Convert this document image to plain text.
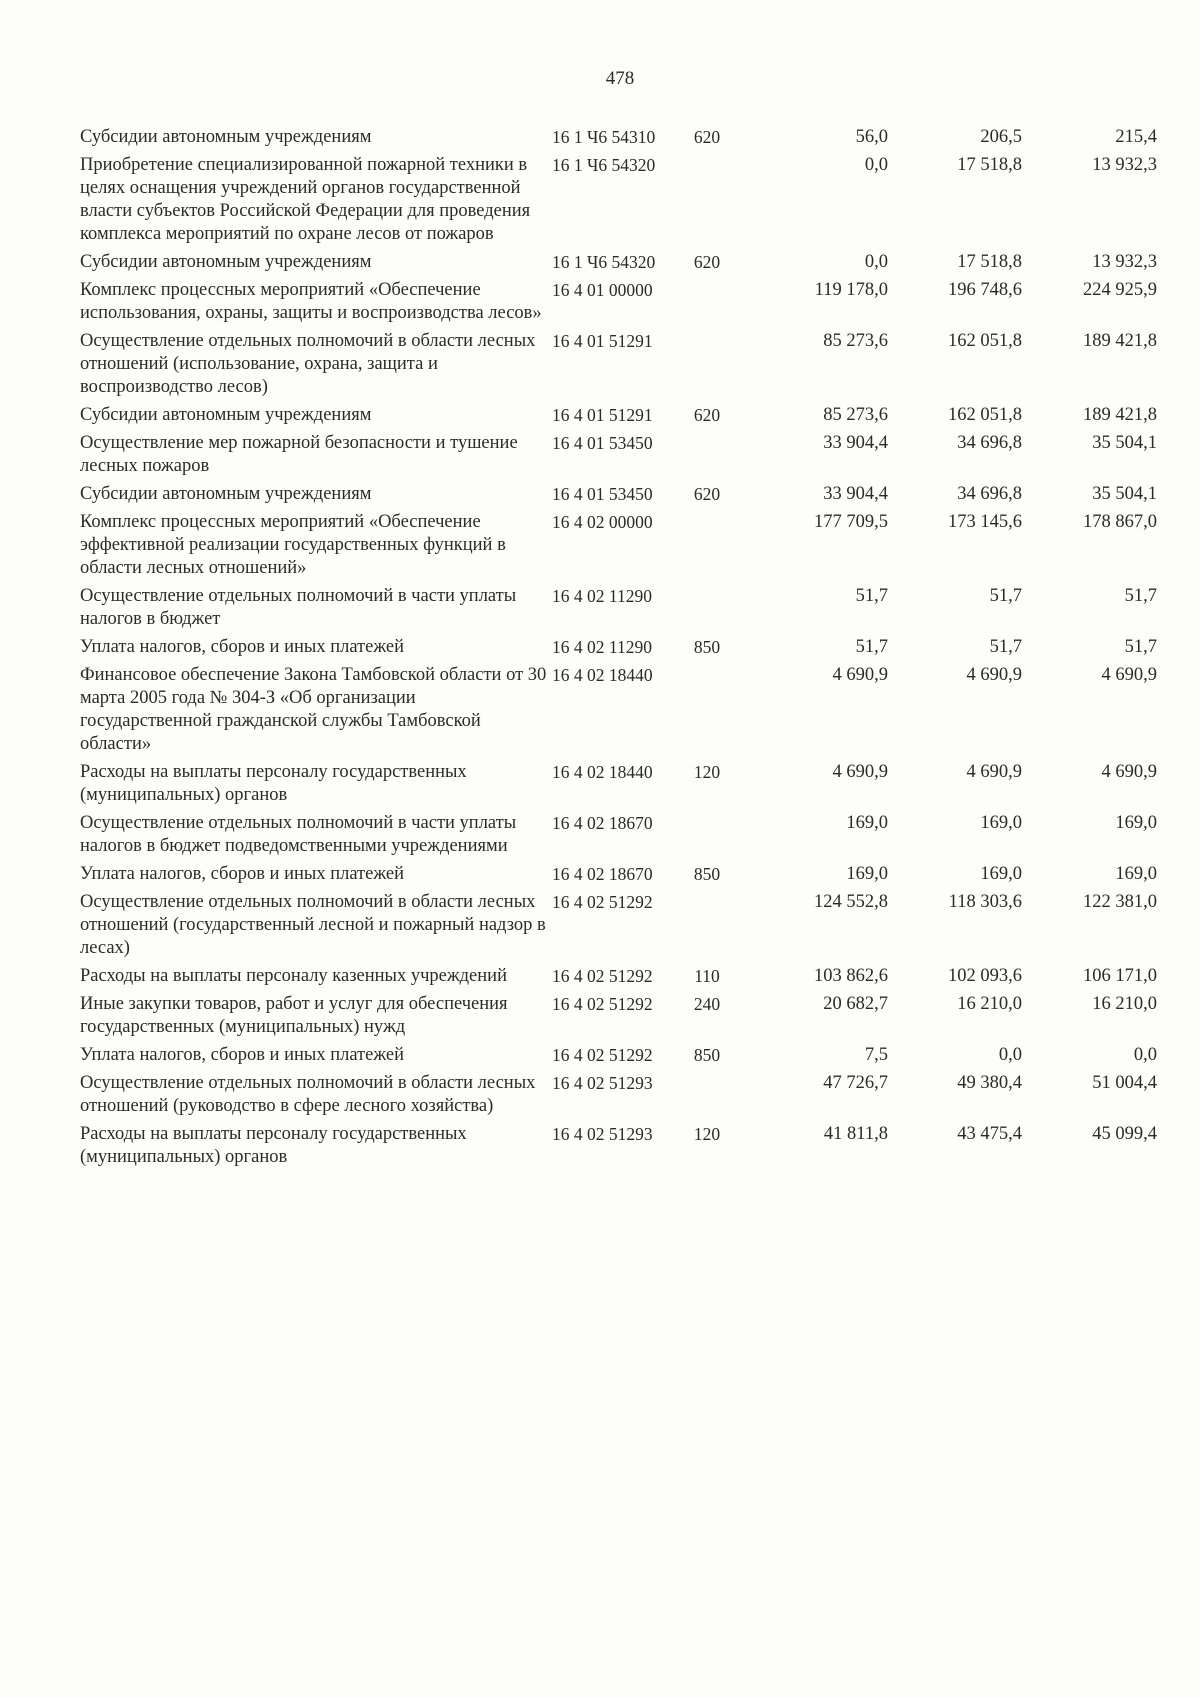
478
Субсидии автономным учреждениям	16 1 Ч6 54310	620	56,0	206,5	215,4
Приобретение специализированной пожарной техники в целях оснащения учреждений органов государственной власти субъектов Российской Федерации для проведения комплекса мероприятий по охране лесов от пожаров	16 1 Ч6 54320		0,0	17 518,8	13 932,3
Субсидии автономным учреждениям	16 1 Ч6 54320	620	0,0	17 518,8	13 932,3
Комплекс процессных мероприятий «Обеспечение использования, охраны, защиты и воспроизводства лесов»	16 4 01 00000		119 178,0	196 748,6	224 925,9
Осуществление отдельных полномочий в области лесных отношений (использование, охрана, защита и воспроизводство лесов)	16 4 01 51291		85 273,6	162 051,8	189 421,8
Субсидии автономным учреждениям	16 4 01 51291	620	85 273,6	162 051,8	189 421,8
Осуществление мер пожарной безопасности и тушение лесных пожаров	16 4 01 53450		33 904,4	34 696,8	35 504,1
Субсидии автономным учреждениям	16 4 01 53450	620	33 904,4	34 696,8	35 504,1
Комплекс процессных мероприятий «Обеспечение эффективной реализации государственных функций в области лесных отношений»	16 4 02 00000		177 709,5	173 145,6	178 867,0
Осуществление отдельных полномочий в части уплаты налогов в бюджет	16 4 02 11290		51,7	51,7	51,7
Уплата налогов, сборов и иных платежей	16 4 02 11290	850	51,7	51,7	51,7
Финансовое обеспечение Закона Тамбовской области от 30 марта 2005 года № 304-З «Об организации государственной гражданской службы Тамбовской области»	16 4 02 18440		4 690,9	4 690,9	4 690,9
Расходы на выплаты персоналу государственных (муниципальных) органов	16 4 02 18440	120	4 690,9	4 690,9	4 690,9
Осуществление отдельных полномочий в части уплаты налогов в бюджет подведомственными учреждениями	16 4 02 18670		169,0	169,0	169,0
Уплата налогов, сборов и иных платежей	16 4 02 18670	850	169,0	169,0	169,0
Осуществление отдельных полномочий в области лесных отношений (государственный лесной и пожарный надзор в лесах)	16 4 02 51292		124 552,8	118 303,6	122 381,0
Расходы на выплаты персоналу казенных учреждений	16 4 02 51292	110	103 862,6	102 093,6	106 171,0
Иные закупки товаров, работ и услуг для обеспечения государственных (муниципальных) нужд	16 4 02 51292	240	20 682,7	16 210,0	16 210,0
Уплата налогов, сборов и иных платежей	16 4 02 51292	850	7,5	0,0	0,0
Осуществление отдельных полномочий в области лесных отношений (руководство в сфере лесного хозяйства)	16 4 02 51293		47 726,7	49 380,4	51 004,4
Расходы на выплаты персоналу государственных (муниципальных) органов	16 4 02 51293	120	41 811,8	43 475,4	45 099,4
